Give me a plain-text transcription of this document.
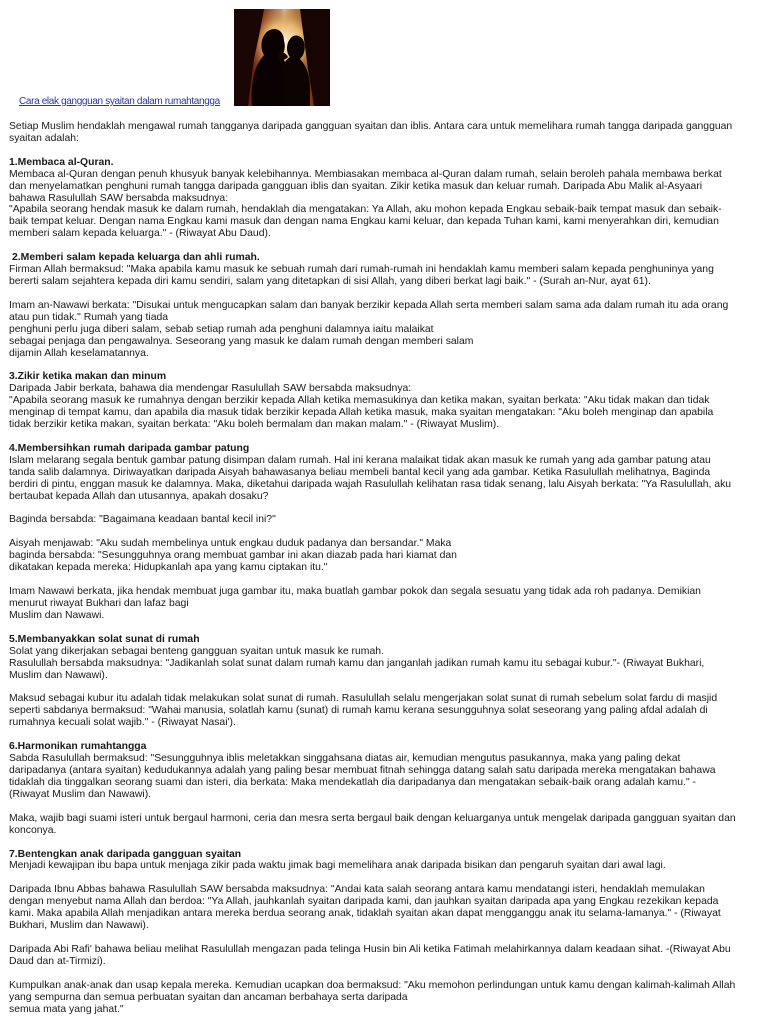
Cara elak gangguan syaitan dalam rumahtangga

Setiap Muslim hendaklah mengawal rumah tangganya daripada gangguan syaitan dan iblis. Antara cara untuk memelihara rumah tangga daripada gangguan
syaitan adalah:

1.Membaca al-Quran.

Membaca al-Quran dengan penuh khusyuk banyak kelebihannya. Membiasakan membaca al-Quran dalam rumah, selain beroleh pahala membawa berkat
dan menyelamatkan penghuni rumah tangga daripada gangguan iblis dan syaitan. Zikir ketika masuk dan keluar rumah. Daripada Abu Malik al-Asyaari
bahawa Rasulullah SAW bersabda maksudnya:
"Apabila seorang hendak masuk ke dalam rumah, hendaklah dia mengatakan: Ya Allah, aku mohon kepada Engkau sebaik-baik tempat masuk dan sebaik-
baik tempat keluar. Dengan nama Engkau kami masuk dan dengan nama Engkau kami keluar, dan kepada Tuhan kami, kami menyerahkan diri, kemudian
memberi salam kepada keluarga." - (Riwayat Abu Daud).

2.Memberi salam kepada keluarga dan ahli rumah.

Firman Allah bermaksud: "Maka apabila kamu masuk ke sebuah rumah dari rumah-rumah ini hendaklah kamu memberi salam kepada penghuninya yang
bererti salam sejahtera kepada diri kamu sendiri, salam yang ditetapkan di sisi Allah, yang diberi berkat lagi baik." - (Surah an-Nur, ayat 61).

Imam an-Nawawi berkata: "Disukai untuk mengucapkan salam dan banyak berzikir kepada Allah serta memberi salam sama ada dalam rumah itu ada orang
atau pun tidak." Rumah yang tiada
penghuni perlu juga diberi salam, sebab setiap rumah ada penghuni dalamnya iaitu malaikat
sebagai penjaga dan pengawalnya. Seseorang yang masuk ke dalam rumah dengan memberi salam
dijamin Allah keselamatannya.

3.Zikir ketika makan dan minum

Daripada Jabir berkata, bahawa dia mendengar Rasulullah SAW bersabda maksudnya:
"Apabila seorang masuk ke rumahnya dengan berzikir kepada Allah ketika memasukinya dan ketika makan, syaitan berkata: "Aku tidak makan dan tidak
menginap di tempat kamu, dan apabila dia masuk tidak berzikir kepada Allah ketika masuk, maka syaitan mengatakan: "Aku boleh menginap dan apabila
tidak berzikir ketika makan, syaitan berkata: "Aku boleh bermalam dan makan malam." - (Riwayat Muslim).

4.Membersihkan rumah daripada gambar patung

Islam melarang segala bentuk gambar patung disimpan dalam rumah. Hal ini kerana malaikat tidak akan masuk ke rumah yang ada gambar patung atau
tanda salib dalamnya. Diriwayatkan daripada Aisyah bahawasanya beliau membeli bantal kecil yang ada gambar. Ketika Rasulullah melihatnya, Baginda
berdiri di pintu, enggan masuk ke dalamnya. Maka, diketahui daripada wajah Rasulullah kelihatan rasa tidak senang, lalu Aisyah berkata: "Ya Rasulullah, aku
bertaubat kepada Allah dan utusannya, apakah dosaku?

Baginda bersabda: "Bagaimana keadaan bantal kecil ini?"

Aisyah menjawab: "Aku sudah membelinya untuk engkau duduk padanya dan bersandar." Maka
baginda bersabda: "Sesungguhnya orang membuat gambar ini akan diazab pada hari kiamat dan
dikatakan kepada mereka: Hidupkanlah apa yang kamu ciptakan itu."

Imam Nawawi berkata, jika hendak membuat juga gambar itu, maka buatlah gambar pokok dan segala sesuatu yang tidak ada roh padanya. Demikian
menurut riwayat Bukhari dan lafaz bagi
Muslim dan Nawawi.

5.Membanyakkan solat sunat di rumah

Solat yang dikerjakan sebagai benteng gangguan syaitan untuk masuk ke rumah.
Rasulullah bersabda maksudnya: "Jadikanlah solat sunat dalam rumah kamu dan janganlah jadikan rumah kamu itu sebagai kubur."- (Riwayat Bukhari,
Muslim dan Nawawi).

Maksud sebagai kubur itu adalah tidak melakukan solat sunat di rumah. Rasulullah selalu mengerjakan solat sunat di rumah sebelum solat fardu di masjid
seperti sabdanya bermaksud: "Wahai manusia, solatlah kamu (sunat) di rumah kamu kerana sesungguhnya solat seseorang yang paling afdal adalah di
rumahnya kecuali solat wajib." - (Riwayat Nasai').

6.Harmonikan rumahtangga

Sabda Rasulullah bermaksud: "Sesungguhnya iblis meletakkan singgahsana diatas air, kemudian mengutus pasukannya, maka yang paling dekat
daripadanya (antara syaitan) kedudukannya adalah yang paling besar membuat fitnah sehingga datang salah satu daripada mereka mengatakan bahawa
tidaklah dia tinggalkan seorang suami dan isteri, dia berkata: Maka mendekatlah dia daripadanya dan mengatakan sebaik-baik orang adalah kamu." -
(Riwayat Muslim dan Nawawi).

Maka, wajib bagi suami isteri untuk bergaul harmoni, ceria dan mesra serta bergaul baik dengan keluarganya untuk mengelak daripada gangguan syaitan dan
konconya.

7.Bentengkan anak daripada gangguan syaitan

Menjadi kewajipan ibu bapa untuk menjaga zikir pada waktu jimak bagi memelihara anak daripada bisikan dan pengaruh syaitan dari awal lagi.

Daripada Ibnu Abbas bahawa Rasulullah SAW bersabda maksudnya: "Andai kata salah seorang antara kamu mendatangi isteri, hendaklah memulakan
dengan menyebut nama Allah dan berdoa: "Ya Allah, jauhkanlah syaitan daripada kami, dan jauhkan syaitan daripada apa yang Engkau rezekikan kepada
kami. Maka apabila Allah menjadikan antara mereka berdua seorang anak, tidaklah syaitan akan dapat mengganggu anak itu selama-lamanya." - (Riwayat
Bukhari, Muslim dan Nawawi).

Daripada Abi Rafi' bahawa beliau melihat Rasulullah mengazan pada telinga Husin bin Ali ketika Fatimah melahirkannya dalam keadaan sihat. -(Riwayat Abu
Daud dan at-Tirmizi).

Kumpulkan anak-anak dan usap kepala mereka. Kemudian ucapkan doa bermaksud: "Aku memohon perlindungan untuk kamu dengan kalimah-kalimah Allah
yang sempurna dan semua perbuatan syaitan dan ancaman berbahaya serta daripada
semua mata yang jahat."
